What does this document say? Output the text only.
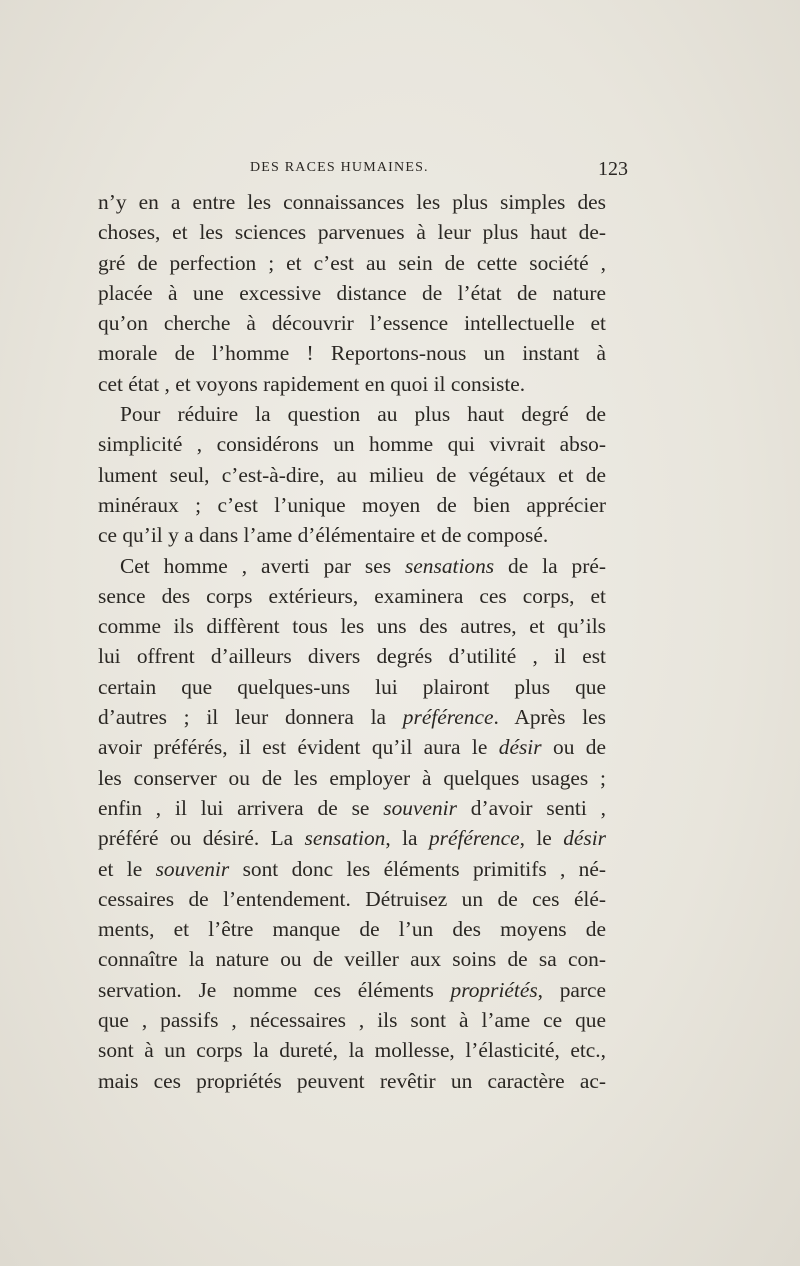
DES RACES HUMAINES.	123
n’y en a entre les connaissances les plus simples des
choses, et les sciences parvenues à leur plus haut de-
gré de perfection ; et c’est au sein de cette société ,
placée à une excessive distance de l’état de nature
qu’on cherche à découvrir l’essence intellectuelle et
morale de l’homme ! Reportons-nous un instant à
cet état , et voyons rapidement en quoi il consiste.
Pour réduire la question au plus haut degré de
simplicité , considérons un homme qui vivrait abso-
lument seul, c’est-à-dire, au milieu de végétaux et de
minéraux ; c’est l’unique moyen de bien apprécier
ce qu’il y a dans l’ame d’élémentaire et de composé.
Cet homme , averti par ses sensations de la pré-
sence des corps extérieurs, examinera ces corps, et
comme ils diffèrent tous les uns des autres, et qu’ils
lui offrent d’ailleurs divers degrés d’utilité , il est
certain que quelques-uns lui plairont plus que
d’autres ; il leur donnera la préférence. Après les
avoir préférés, il est évident qu’il aura le désir ou de
les conserver ou de les employer à quelques usages ;
enfin , il lui arrivera de se souvenir d’avoir senti ,
préféré ou désiré. La sensation, la préférence, le désir
et le souvenir sont donc les éléments primitifs , né-
cessaires de l’entendement. Détruisez un de ces élé-
ments, et l’être manque de l’un des moyens de
connaître la nature ou de veiller aux soins de sa con-
servation. Je nomme ces éléments propriétés, parce
que , passifs , nécessaires , ils sont à l’ame ce que
sont à un corps la dureté, la mollesse, l’élasticité, etc.,
mais ces propriétés peuvent revêtir un caractère ac-
